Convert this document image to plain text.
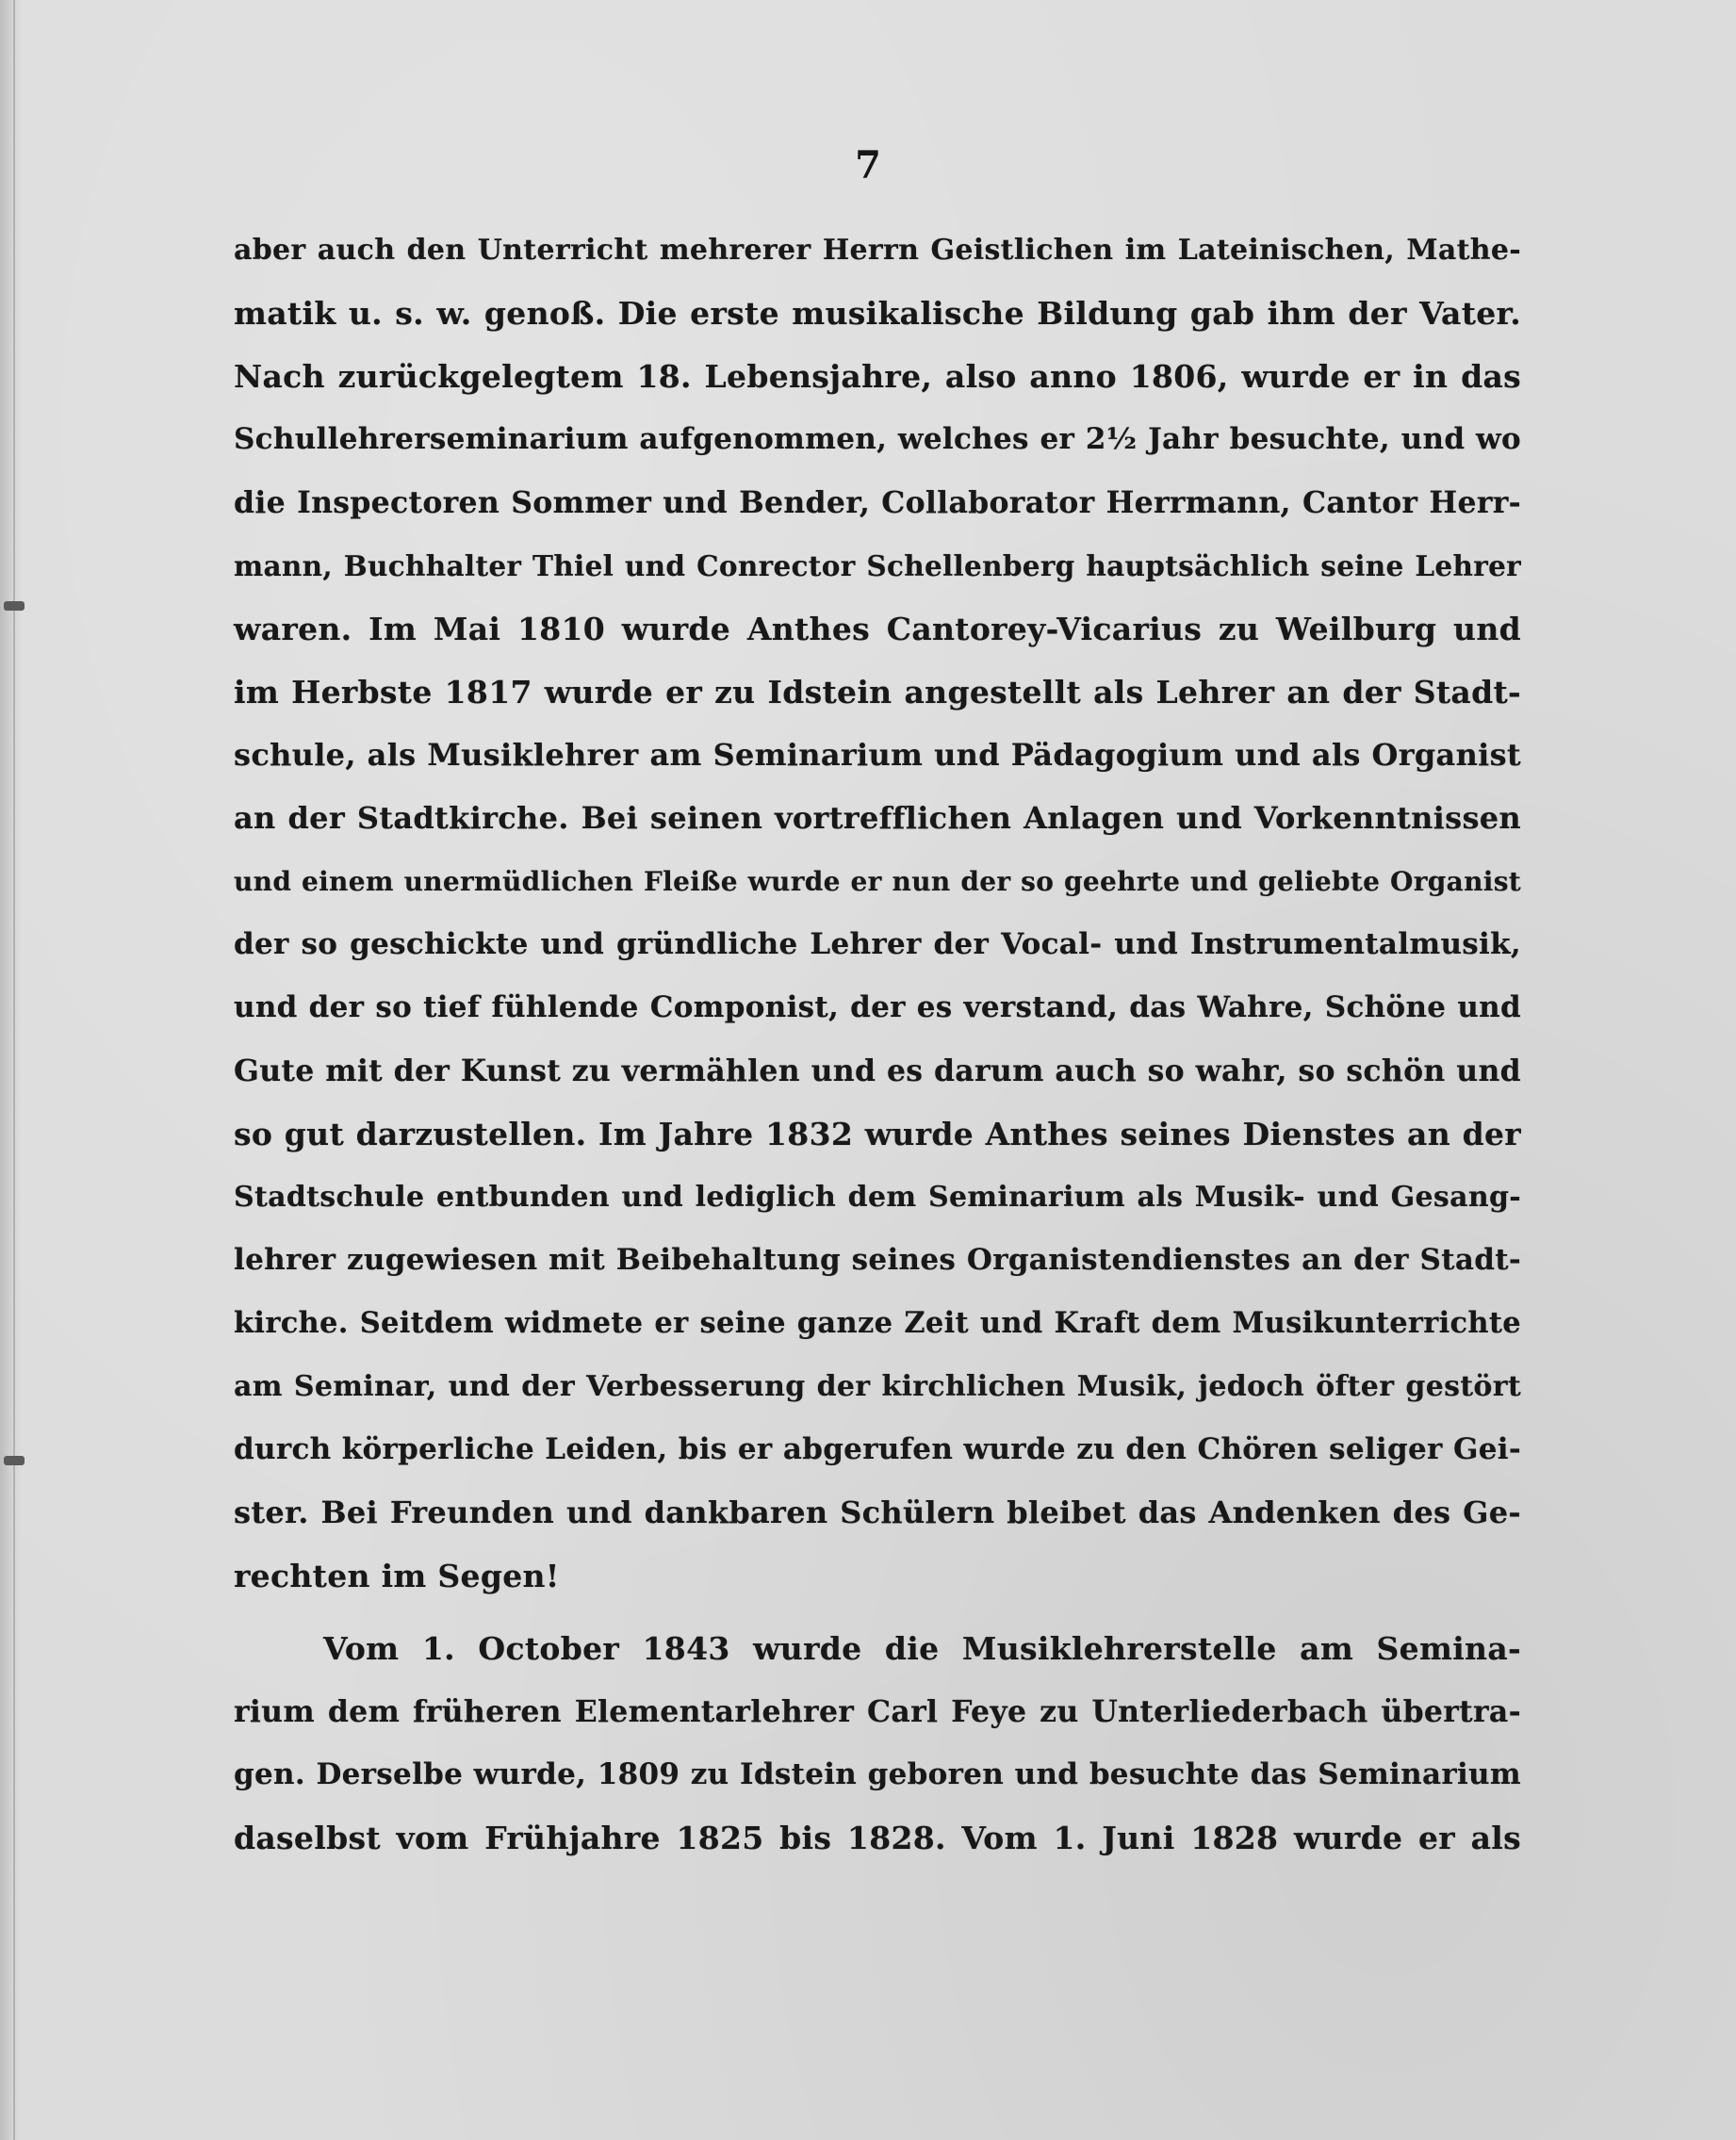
7

aber auch den Unterricht mehrerer Herrn Geistlichen im Lateinischen, Mathe-
matik u. s. w. genoß. Die erste musikalische Bildung gab ihm der Vater.
Nach zurückgelegtem 18. Lebensjahre, also anno 1806, wurde er in das
Schullehrerseminarium aufgenommen, welches er 2½ Jahr besuchte, und wo
die Inspectoren Sommer und Bender, Collaborator Herrmann, Cantor Herr-
mann, Buchhalter Thiel und Conrector Schellenberg hauptsächlich seine Lehrer
waren. Im Mai 1810 wurde Anthes Cantorey-Vicarius zu Weilburg und
im Herbste 1817 wurde er zu Idstein angestellt als Lehrer an der Stadt-
schule, als Musiklehrer am Seminarium und Pädagogium und als Organist
an der Stadtkirche. Bei seinen vortrefflichen Anlagen und Vorkenntnissen
und einem unermüdlichen Fleiße wurde er nun der so geehrte und geliebte Organist
der so geschickte und gründliche Lehrer der Vocal- und Instrumentalmusik,
und der so tief fühlende Componist, der es verstand, das Wahre, Schöne und
Gute mit der Kunst zu vermählen und es darum auch so wahr, so schön und
so gut darzustellen. Im Jahre 1832 wurde Anthes seines Dienstes an der
Stadtschule entbunden und lediglich dem Seminarium als Musik- und Gesang-
lehrer zugewiesen mit Beibehaltung seines Organistendienstes an der Stadt-
kirche. Seitdem widmete er seine ganze Zeit und Kraft dem Musikunterrichte
am Seminar, und der Verbesserung der kirchlichen Musik, jedoch öfter gestört
durch körperliche Leiden, bis er abgerufen wurde zu den Chören seliger Gei-
ster. Bei Freunden und dankbaren Schülern bleibet das Andenken des Ge-
rechten im Segen!
Vom 1. October 1843 wurde die Musiklehrerstelle am Semina-
rium dem früheren Elementarlehrer Carl Feye zu Unterliederbach übertra-
gen. Derselbe wurde, 1809 zu Idstein geboren und besuchte das Seminarium
daselbst vom Frühjahre 1825 bis 1828. Vom 1. Juni 1828 wurde er als
